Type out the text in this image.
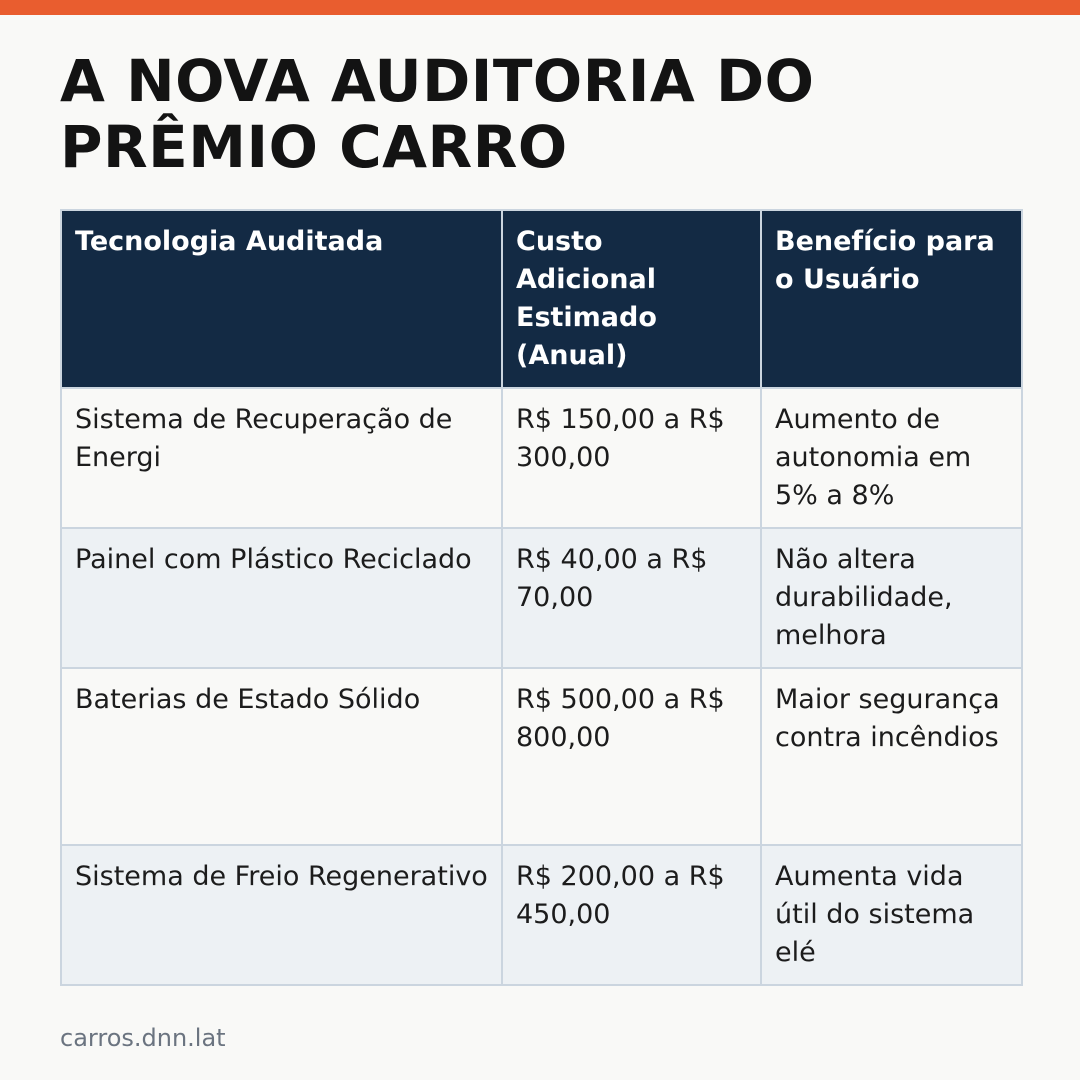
A NOVA AUDITORIA DO PRÊMIO CARRO
Tecnologia Auditada	Custo Adicional Estimado (Anual)	Benefício para o Usuário
Sistema de Recuperação de Energi	R$ 150,00 a R$ 300,00	Aumento de autonomia em 5% a 8%
Painel com Plástico Reciclado	R$ 40,00 a R$ 70,00	Não altera durabilidade, melhora
Baterias de Estado Sólido	R$ 500,00 a R$ 800,00	Maior segurança contra incêndios
Sistema de Freio Regenerativo	R$ 200,00 a R$ 450,00	Aumenta vida útil do sistema elé
carros.dnn.lat
